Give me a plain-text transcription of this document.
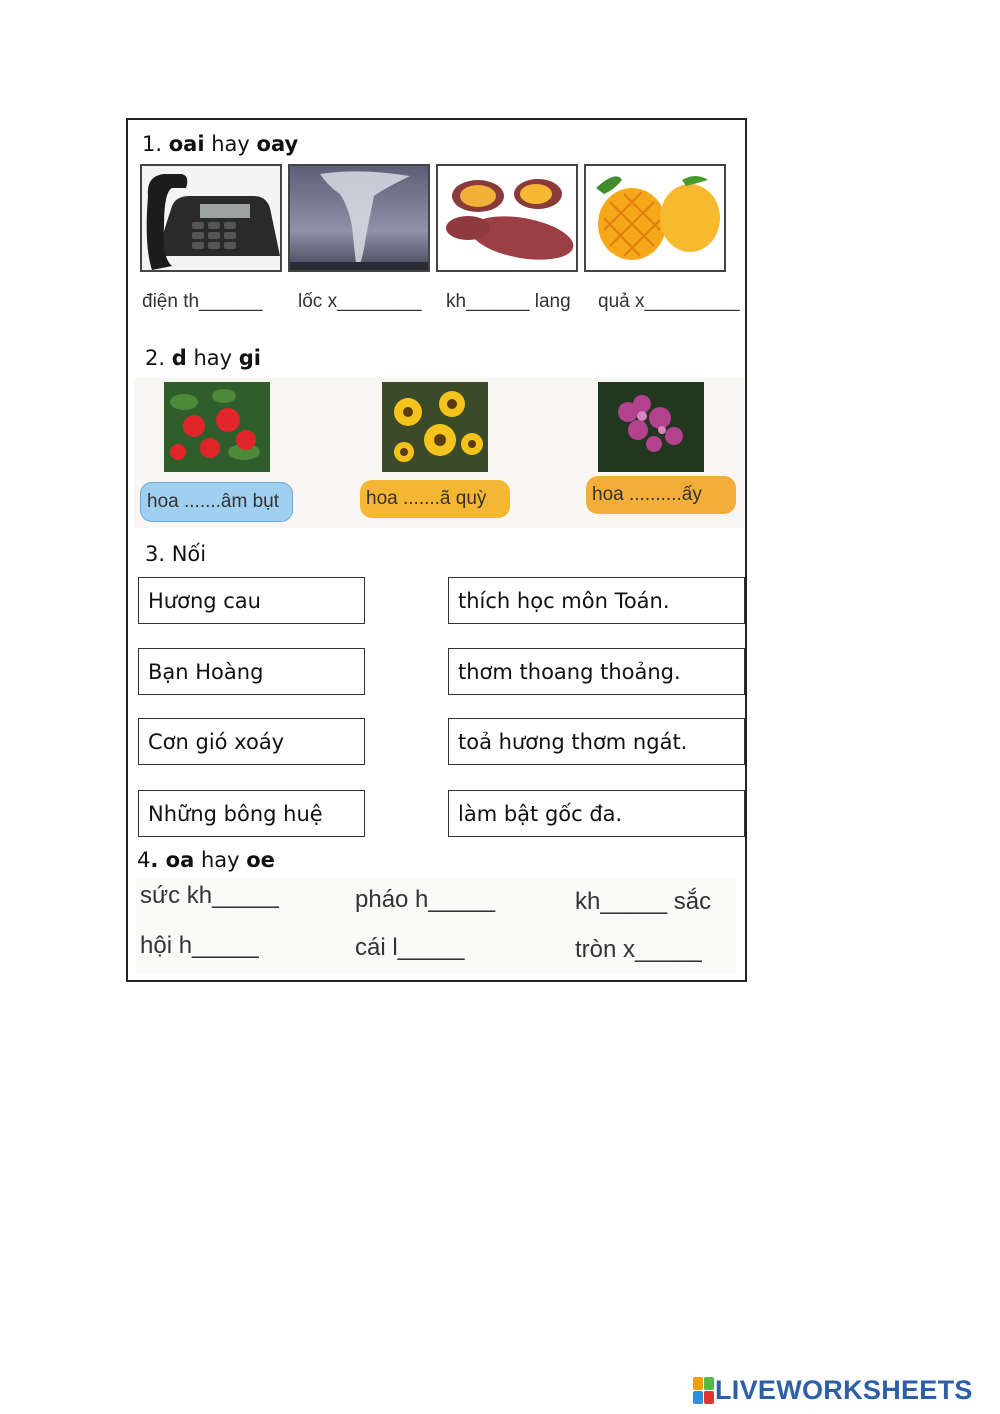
1. oai hay oay
điện th______ lốc x________ kh______ lang quả x_________
2. d hay gi
hoa .......âm bụt	hoa .......ã quỳ	hoa ..........ấy
3. Nối
Hương cau
Bạn Hoàng
Cơn gió xoáy
Những bông huệ
thích học môn Toán.
thơm thoang thoảng.
toả hương thơm ngát.
làm bật gốc đa.
4. oa hay oe
sức kh_____	pháo h_____	kh_____ sắc
hội h_____	cái l_____	tròn x_____
LIVEWORKSHEETS
